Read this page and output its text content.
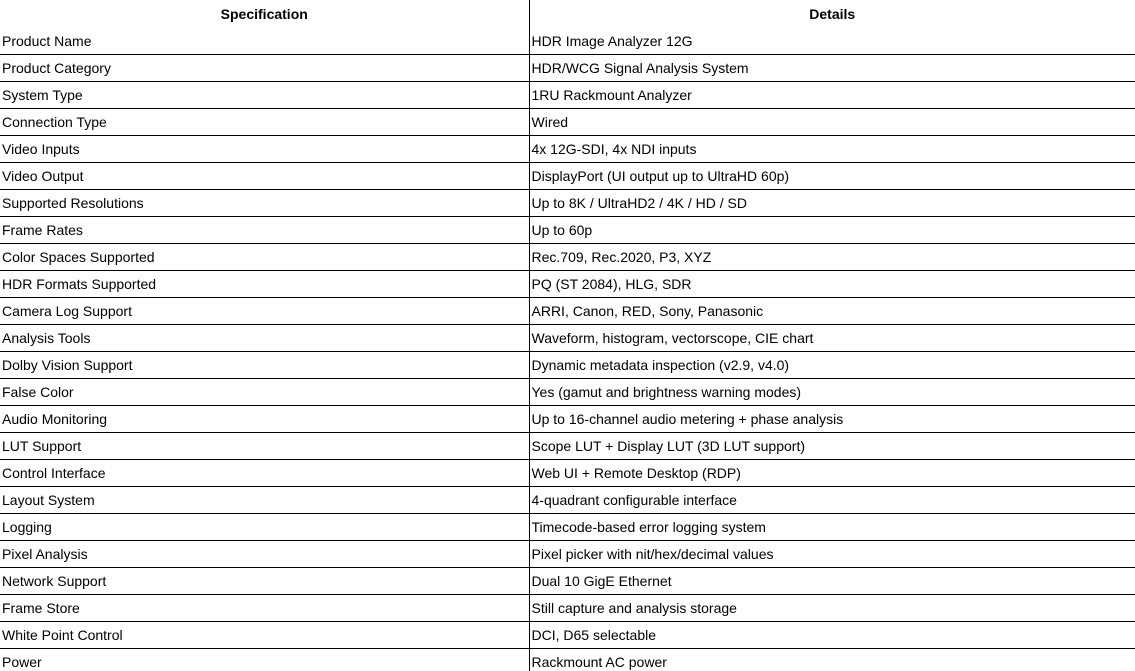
Specification	Details
Product Name	HDR Image Analyzer 12G
Product Category	HDR/WCG Signal Analysis System
System Type	1RU Rackmount Analyzer
Connection Type	Wired
Video Inputs	4x 12G-SDI, 4x NDI inputs
Video Output	DisplayPort (UI output up to UltraHD 60p)
Supported Resolutions	Up to 8K / UltraHD2 / 4K / HD / SD
Frame Rates	Up to 60p
Color Spaces Supported	Rec.709, Rec.2020, P3, XYZ
HDR Formats Supported	PQ (ST 2084), HLG, SDR
Camera Log Support	ARRI, Canon, RED, Sony, Panasonic
Analysis Tools	Waveform, histogram, vectorscope, CIE chart
Dolby Vision Support	Dynamic metadata inspection (v2.9, v4.0)
False Color	Yes (gamut and brightness warning modes)
Audio Monitoring	Up to 16-channel audio metering + phase analysis
LUT Support	Scope LUT + Display LUT (3D LUT support)
Control Interface	Web UI + Remote Desktop (RDP)
Layout System	4-quadrant configurable interface
Logging	Timecode-based error logging system
Pixel Analysis	Pixel picker with nit/hex/decimal values
Network Support	Dual 10 GigE Ethernet
Frame Store	Still capture and analysis storage
White Point Control	DCI, D65 selectable
Power	Rackmount AC power
